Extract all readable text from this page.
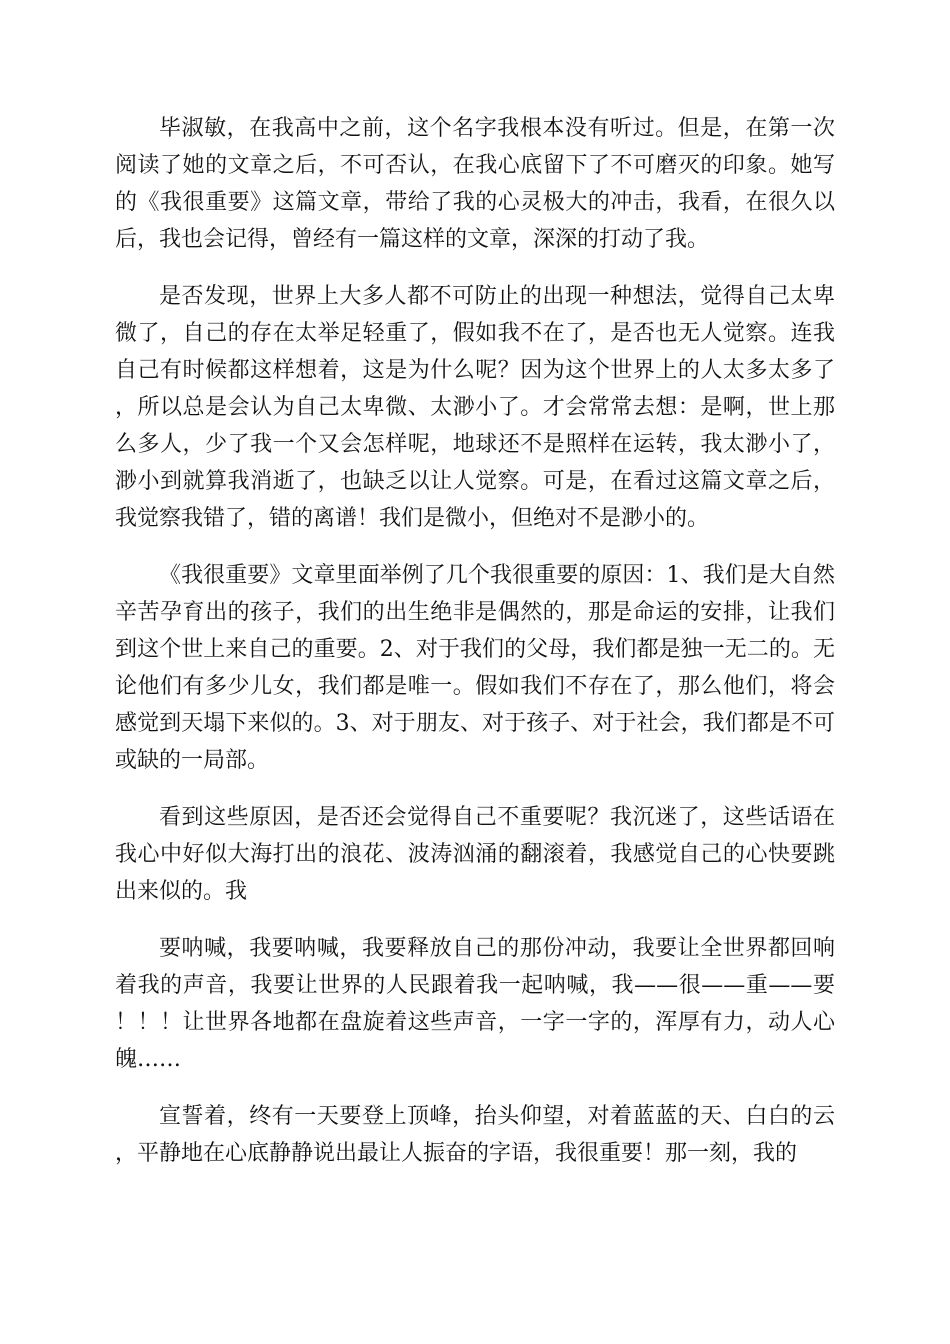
毕淑敏，在我高中之前，这个名字我根本没有听过。但是，在第一次阅读了她的文章之后，不可否认，在我心底留下了不可磨灭的印象。她写的《我很重要》这篇文章，带给了我的心灵极大的冲击，我看，在很久以后，我也会记得，曾经有一篇这样的文章，深深的打动了我。

是否发现，世界上大多人都不可防止的出现一种想法，觉得自己太卑微了，自己的存在太举足轻重了，假如我不在了，是否也无人觉察。连我自己有时候都这样想着，这是为什么呢？因为这个世界上的人太多太多了，所以总是会认为自己太卑微、太渺小了。才会常常去想：是啊，世上那么多人，少了我一个又会怎样呢，地球还不是照样在运转，我太渺小了，渺小到就算我消逝了，也缺乏以让人觉察。可是，在看过这篇文章之后，我觉察我错了，错的离谱！我们是微小，但绝对不是渺小的。

《我很重要》文章里面举例了几个我很重要的原因：1、我们是大自然辛苦孕育出的孩子，我们的出生绝非是偶然的，那是命运的安排，让我们到这个世上来自己的重要。2、对于我们的父母，我们都是独一无二的。无论他们有多少儿女，我们都是唯一。假如我们不存在了，那么他们，将会感觉到天塌下来似的。3、对于朋友、对于孩子、对于社会，我们都是不可或缺的一局部。

看到这些原因，是否还会觉得自己不重要呢？我沉迷了，这些话语在我心中好似大海打出的浪花、波涛汹涌的翻滚着，我感觉自己的心快要跳出来似的。我

要呐喊，我要呐喊，我要释放自己的那份冲动，我要让全世界都回响着我的声音，我要让世界的人民跟着我一起呐喊，我——很——重——要！！！让世界各地都在盘旋着这些声音，一字一字的，浑厚有力，动人心魄……

宣誓着，终有一天要登上顶峰，抬头仰望，对着蓝蓝的天、白白的云，平静地在心底静静说出最让人振奋的字语，我很重要！那一刻，我的
